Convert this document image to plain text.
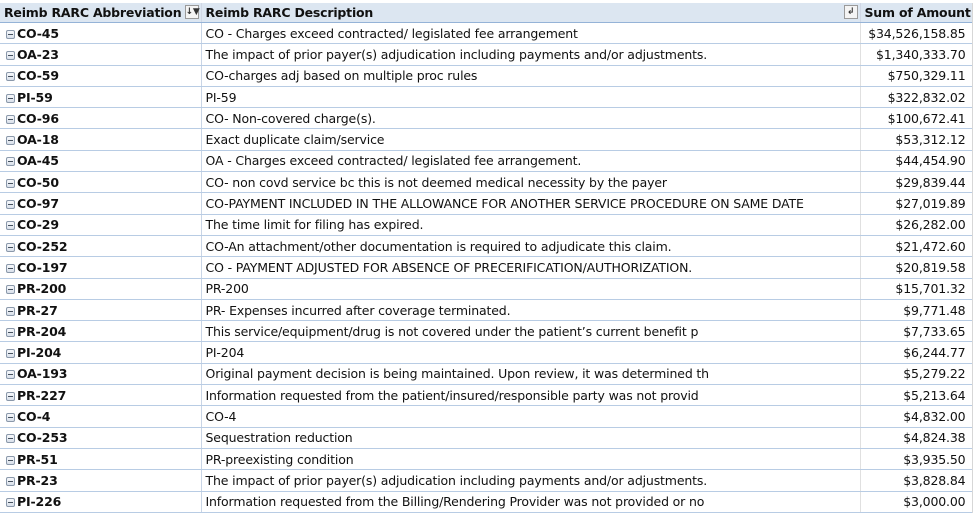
Reimb RARC Abbreviation ↓▼	Reimb RARC Description ↲	Sum of Amount
CO-45	CO - Charges exceed contracted/ legislated fee arrangement	$34,526,158.85
OA-23	The impact of prior payer(s) adjudication including payments and/or adjustments.	$1,340,333.70
CO-59	CO-charges adj based on multiple proc rules	$750,329.11
PI-59	PI-59	$322,832.02
CO-96	CO- Non-covered charge(s).	$100,672.41
OA-18	Exact duplicate claim/service	$53,312.12
OA-45	OA - Charges exceed contracted/ legislated fee arrangement.	$44,454.90
CO-50	CO- non covd service bc this is not deemed medical necessity by the payer	$29,839.44
CO-97	CO-PAYMENT INCLUDED IN THE ALLOWANCE FOR ANOTHER SERVICE PROCEDURE ON SAME DATE	$27,019.89
CO-29	The time limit for filing has expired.	$26,282.00
CO-252	CO-An attachment/other documentation is required to adjudicate this claim.	$21,472.60
CO-197	CO - PAYMENT ADJUSTED FOR ABSENCE OF PRECERIFICATION/AUTHORIZATION.	$20,819.58
PR-200	PR-200	$15,701.32
PR-27	PR- Expenses incurred after coverage terminated.	$9,771.48
PR-204	This service/equipment/drug is not covered under the patient’s current benefit p	$7,733.65
PI-204	PI-204	$6,244.77
OA-193	Original payment decision is being maintained. Upon review, it was determined th	$5,279.22
PR-227	Information requested from the patient/insured/responsible party was not provid	$5,213.64
CO-4	CO-4	$4,832.00
CO-253	Sequestration reduction	$4,824.38
PR-51	PR-preexisting condition	$3,935.50
PR-23	The impact of prior payer(s) adjudication including payments and/or adjustments.	$3,828.84
PI-226	Information requested from the Billing/Rendering Provider was not provided or no	$3,000.00
